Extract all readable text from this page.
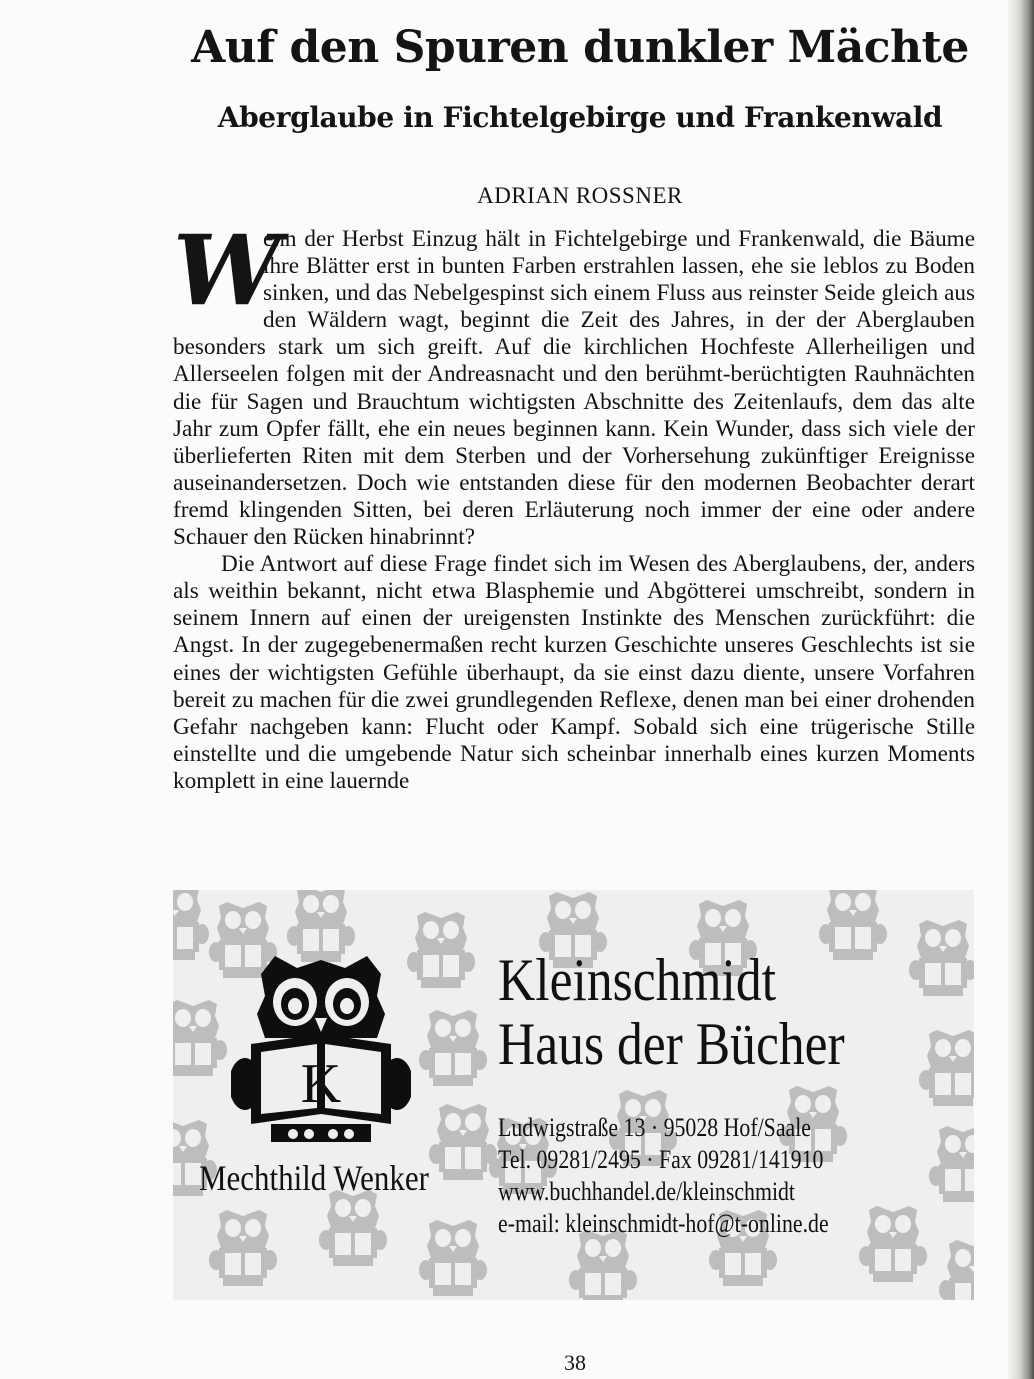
Auf den Spuren dunkler Mächte
Aberglaube in Fichtelgebirge und Frankenwald
ADRIAN ROSSNER

W
enn der Herbst Einzug hält in Fichtelgebirge und Frankenwald, die Bäume ihre Blätter erst in bunten Farben erstrahlen lassen, ehe sie leblos zu Boden sinken, und das Nebelgespinst sich einem Fluss aus reinster Seide gleich aus den Wäldern wagt, beginnt die Zeit des Jahres, in der der Aberglauben besonders stark um sich greift. Auf die kirchlichen Hochfeste Allerheiligen und Allerseelen folgen mit der Andreasnacht und den berühmt-berüchtigten Rauhnächten die für Sagen und Brauchtum wichtigsten Abschnitte des Zeitenlaufs, dem das alte Jahr zum Opfer fällt, ehe ein neues beginnen kann. Kein Wunder, dass sich viele der überlieferten Riten mit dem Sterben und der Vorhersehung zukünftiger Ereignisse auseinandersetzen. Doch wie entstanden diese für den modernen Beobachter derart fremd klingenden Sitten, bei deren Erläuterung noch immer der eine oder andere Schauer den Rücken hinabrinnt?

Die Antwort auf diese Frage findet sich im Wesen des Aberglaubens, der, anders als weithin bekannt, nicht etwa Blasphemie und Abgötterei umschreibt, sondern in seinem Innern auf einen der ureigensten Instinkte des Menschen zurückführt: die Angst. In der zugegebenermaßen recht kurzen Geschichte unseres Geschlechts ist sie eines der wichtigsten Gefühle überhaupt, da sie einst dazu diente, unsere Vorfahren bereit zu machen für die zwei grundlegenden Reflexe, denen man bei einer drohenden Gefahr nachgeben kann: Flucht oder Kampf. Sobald sich eine trügerische Stille einstellte und die umgebende Natur sich scheinbar innerhalb eines kurzen Moments komplett in eine lauernde

K
Kleinschmidt
Haus der Bücher
Mechthild Wenker
Ludwigstraße 13 · 95028 Hof/Saale
Tel. 09281/2495 · Fax 09281/141910
www.buchhandel.de/kleinschmidt
e-mail: kleinschmidt-hof@t-online.de
38
